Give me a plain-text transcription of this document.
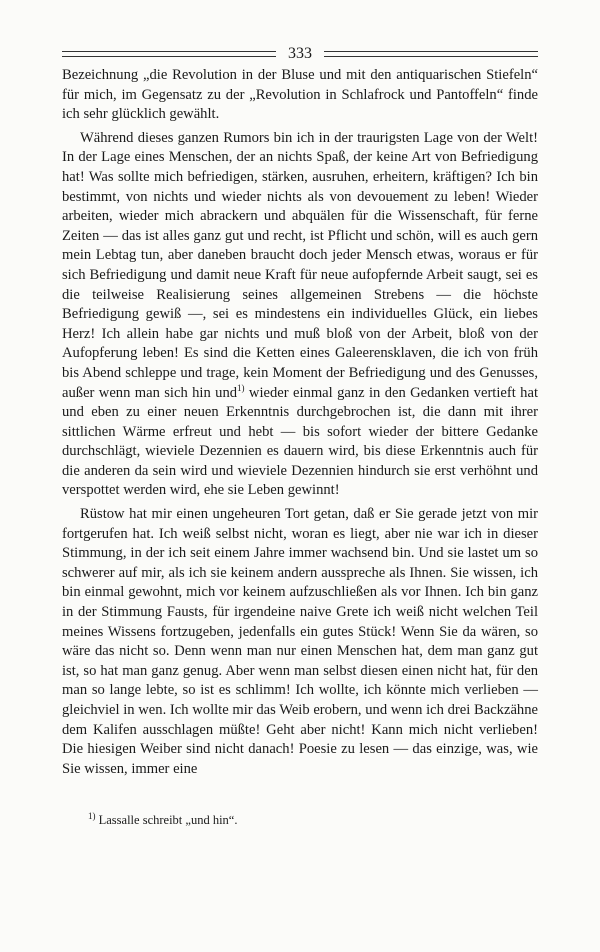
333

Bezeichnung „die Revolution in der Bluse und mit den antiquarischen Stiefeln“ für mich, im Gegensatz zu der „Revolution in Schlafrock und Pantoffeln“ finde ich sehr glücklich gewählt.

Während dieses ganzen Rumors bin ich in der traurigsten Lage von der Welt! In der Lage eines Menschen, der an nichts Spaß, der keine Art von Befriedigung hat! Was sollte mich befriedigen, stärken, ausruhen, erheitern, kräftigen? Ich bin bestimmt, von nichts und wieder nichts als von devouement zu leben! Wieder arbeiten, wieder mich abrackern und abquälen für die Wissenschaft, für ferne Zeiten — das ist alles ganz gut und recht, ist Pflicht und schön, will es auch gern mein Lebtag tun, aber daneben braucht doch jeder Mensch etwas, woraus er für sich Befriedigung und damit neue Kraft für neue aufopfernde Arbeit saugt, sei es die teilweise Realisierung seines allgemeinen Strebens — die höchste Befriedigung gewiß —, sei es mindestens ein individuelles Glück, ein liebes Herz! Ich allein habe gar nichts und muß bloß von der Arbeit, bloß von der Aufopferung leben! Es sind die Ketten eines Galeerensklaven, die ich von früh bis Abend schleppe und trage, kein Moment der Befriedigung und des Genusses, außer wenn man sich hin und$^{1)}$ wieder einmal ganz in den Gedanken vertieft hat und eben zu einer neuen Erkenntnis durchgebrochen ist, die dann mit ihrer sittlichen Wärme erfreut und hebt — bis sofort wieder der bittere Gedanke durchschlägt, wieviele Dezennien es dauern wird, bis diese Erkenntnis auch für die anderen da sein wird und wieviele Dezennien hindurch sie erst verhöhnt und verspottet werden wird, ehe sie Leben gewinnt!

Rüstow hat mir einen ungeheuren Tort getan, daß er Sie gerade jetzt von mir fortgerufen hat. Ich weiß selbst nicht, woran es liegt, aber nie war ich in dieser Stimmung, in der ich seit einem Jahre immer wachsend bin. Und sie lastet um so schwerer auf mir, als ich sie keinem andern ausspreche als Ihnen. Sie wissen, ich bin einmal gewohnt, mich vor keinem aufzuschließen als vor Ihnen. Ich bin ganz in der Stimmung Fausts, für irgendeine naive Grete ich weiß nicht welchen Teil meines Wissens fortzugeben, jedenfalls ein gutes Stück! Wenn Sie da wären, so wäre das nicht so. Denn wenn man nur einen Menschen hat, dem man ganz gut ist, so hat man ganz genug. Aber wenn man selbst diesen einen nicht hat, für den man so lange lebte, so ist es schlimm! Ich wollte, ich könnte mich verlieben — gleichviel in wen. Ich wollte mir das Weib erobern, und wenn ich drei Backzähne dem Kalifen ausschlagen müßte! Geht aber nicht! Kann mich nicht verlieben! Die hiesigen Weiber sind nicht danach! Poesie zu lesen — das einzige, was, wie Sie wissen, immer eine

$^{1)}$ Lassalle schreibt „und hin“.
